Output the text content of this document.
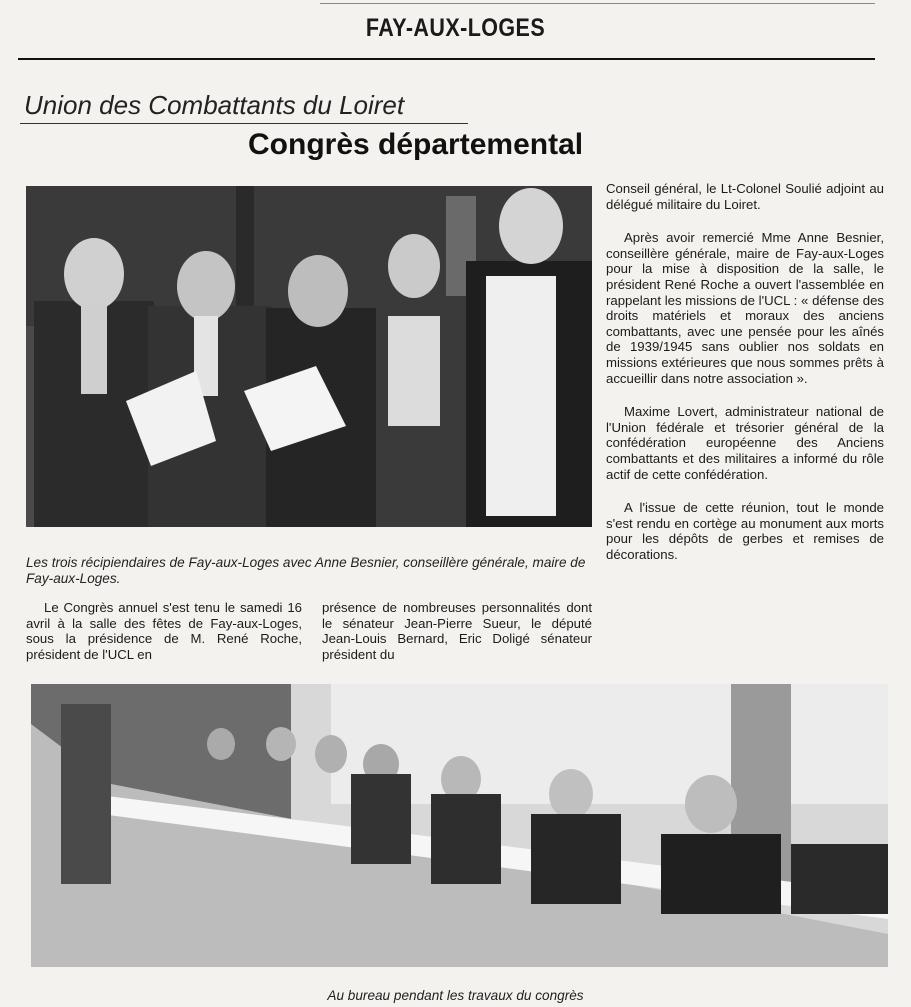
FAY-AUX-LOGES
Union des Combattants du Loiret
Congrès départemental
Les trois récipiendaires de Fay-aux-Loges avec Anne Besnier, conseillère générale, maire de Fay-aux-Loges.

Le Congrès annuel s'est tenu le samedi 16 avril à la salle des fêtes de Fay-aux-Loges, sous la présidence de M. René Roche, président de l'UCL en

présence de nombreuses personnalités dont le sénateur Jean-Pierre Sueur, le député Jean-Louis Bernard, Eric Doligé sénateur président du

Conseil général, le Lt-Colonel Soulié adjoint au délégué militaire du Loiret.

Après avoir remercié Mme Anne Besnier, conseillère générale, maire de Fay-aux-Loges pour la mise à disposition de la salle, le président René Roche a ouvert l'assemblée en rappelant les missions de l'UCL : « défense des droits matériels et moraux des anciens combattants, avec une pensée pour les aînés de 1939/1945 sans oublier nos soldats en missions extérieures que nous sommes prêts à accueillir dans notre association ».

Maxime Lovert, administrateur national de l'Union fédérale et trésorier général de la confédération européenne des Anciens combattants et des militaires a informé du rôle actif de cette confédération.

A l'issue de cette réunion, tout le monde s'est rendu en cortège au monument aux morts pour les dépôts de gerbes et remises de décorations.

Au bureau pendant les travaux du congrès
